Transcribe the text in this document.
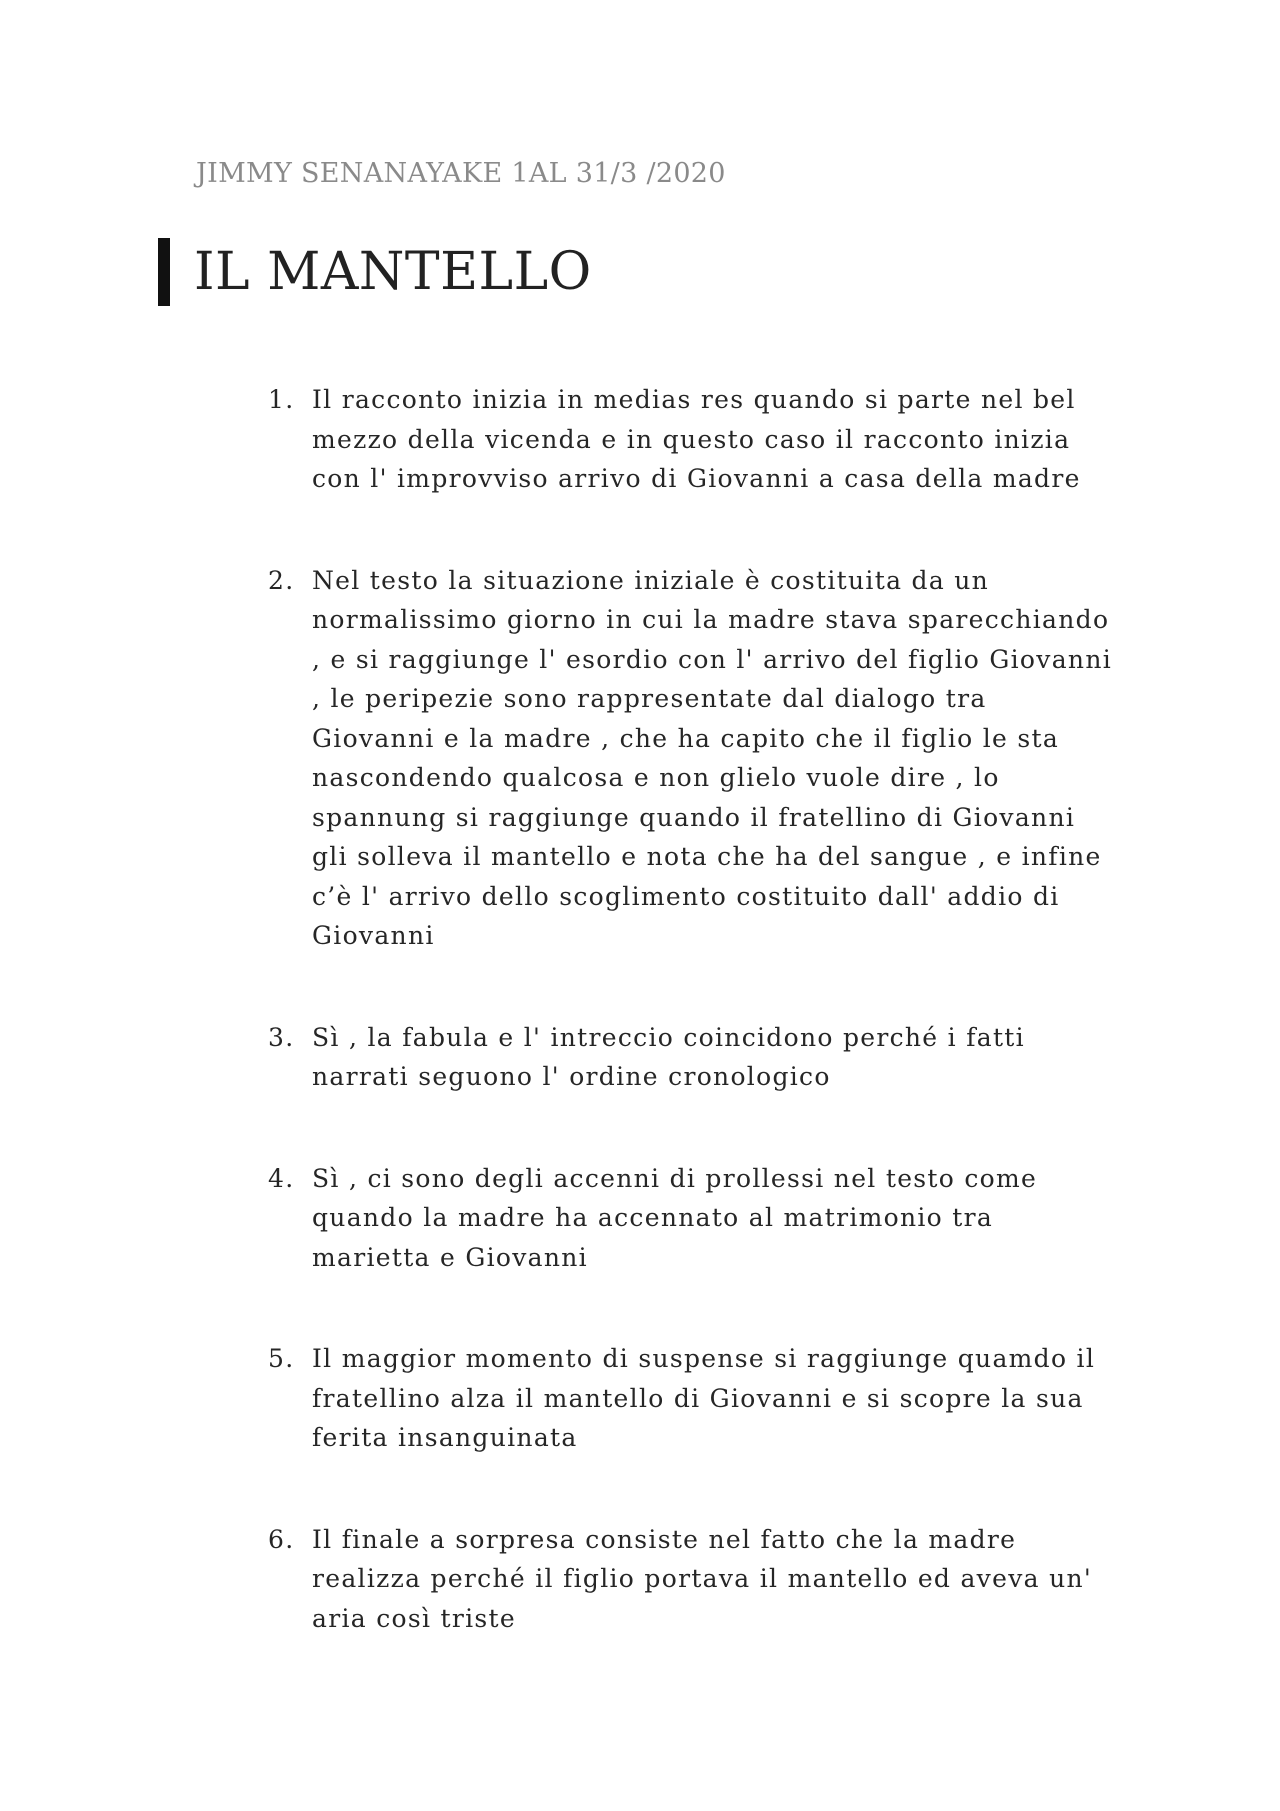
JIMMY SENANAYAKE 1AL 31/3 /2020
IL MANTELLO
1. Il racconto inizia in medias res quando si parte nel bel mezzo della vicenda e in questo caso il racconto inizia con l' improvviso arrivo di Giovanni a casa della madre
2. Nel testo la situazione iniziale è costituita da un normalissimo giorno in cui la madre stava sparecchiando , e si raggiunge l' esordio con l' arrivo del figlio Giovanni , le peripezie sono rappresentate dal dialogo tra Giovanni e la madre , che ha capito che il figlio le sta nascondendo qualcosa e non glielo vuole dire , lo spannung si raggiunge quando il fratellino di Giovanni gli solleva il mantello e nota che ha del sangue , e infine c’è l' arrivo dello scoglimento costituito dall' addio di Giovanni
3. Sì , la fabula e l' intreccio coincidono perché i fatti narrati seguono l' ordine cronologico
4. Sì , ci sono degli accenni di prollessi nel testo come quando la madre ha accennato al matrimonio tra marietta e Giovanni
5. Il maggior momento di suspense si raggiunge quamdo il fratellino alza il mantello di Giovanni e si scopre la sua ferita insanguinata
6. Il finale a sorpresa consiste nel fatto che la madre realizza perché il figlio portava il mantello ed aveva un' aria così triste
